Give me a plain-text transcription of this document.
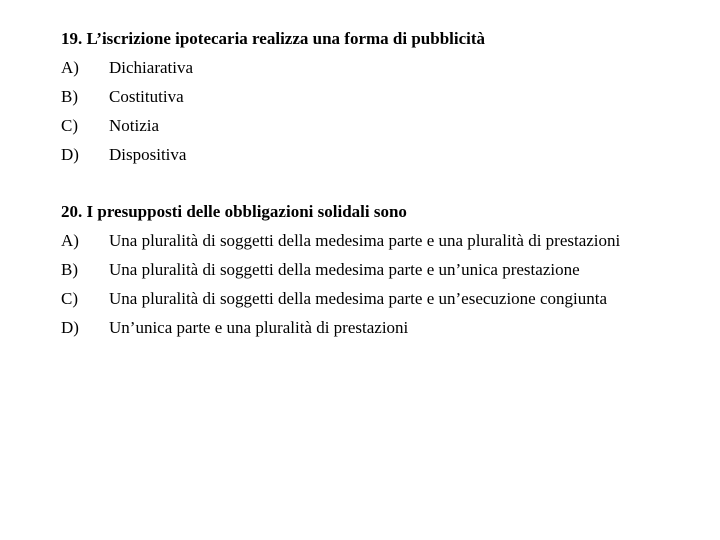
19. L’iscrizione ipotecaria realizza una forma di pubblicità
A)	Dichiarativa
B)	Costitutiva
C)	Notizia
D)	Dispositiva
20. I presupposti delle obbligazioni solidali sono
A)	Una pluralità di soggetti della medesima parte e una pluralità di prestazioni
B)	Una pluralità di soggetti della medesima parte e un’unica prestazione
C)	Una pluralità di soggetti della medesima parte e un’esecuzione congiunta
D)	Un’unica parte e una pluralità di prestazioni
